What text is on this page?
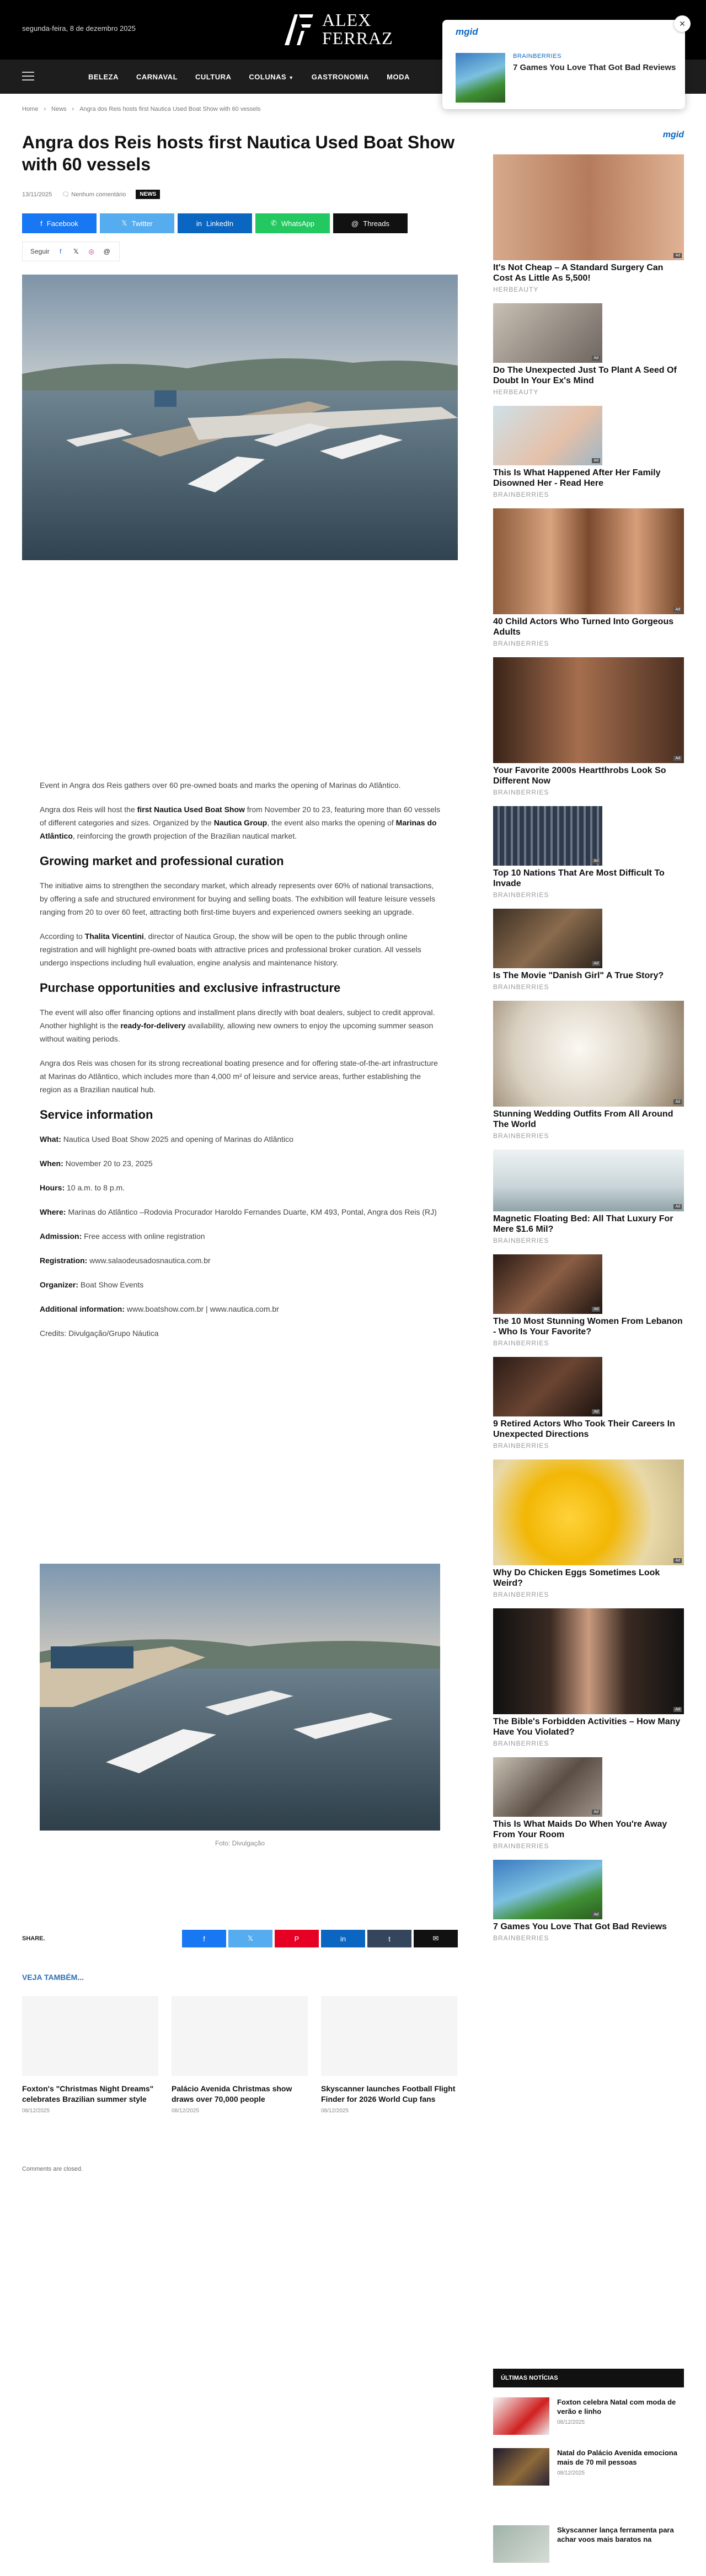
segunda-feira, 8 de dezembro 2025	ALEX
FERRAZ
BELEZA CARNAVAL CULTURA COLUNAS ▼ GASTRONOMIA MODA
mgid
✕
BRAINBERRIES
7 Games You Love That Got Bad Reviews
Home › News › Angra dos Reis hosts first Nautica Used Boat Show with 60 vessels
Angra dos Reis hosts first Nautica Used Boat Show with 60 vessels
13/11/2025 🗨 Nenhum comentário	NEWS
f Facebook	𝕏 Twitter	in LinkedIn	✆ WhatsApp	@ Threads
Seguir	f	𝕏 ◎ @

Event in Angra dos Reis gathers over 60 pre-owned boats and marks the opening of Marinas do Atlântico.

Angra dos Reis will host the first Nautica Used Boat Show from November 20 to 23, featuring more than 60 vessels of different categories and sizes. Organized by the Nautica Group, the event also marks the opening of Marinas do Atlântico, reinforcing the growth projection of the Brazilian nautical market.

Growing market and professional curation

The initiative aims to strengthen the secondary market, which already represents over 60% of national transactions, by offering a safe and structured environment for buying and selling boats. The exhibition will feature leisure vessels ranging from 20 to over 60 feet, attracting both first-time buyers and experienced owners seeking an upgrade.

According to Thalita Vicentini, director of Nautica Group, the show will be open to the public through online registration and will highlight pre-owned boats with attractive prices and professional broker curation. All vessels undergo inspections including hull evaluation, engine analysis and maintenance history.

Purchase opportunities and exclusive infrastructure

The event will also offer financing options and installment plans directly with boat dealers, subject to credit approval. Another highlight is the ready-for-delivery availability, allowing new owners to enjoy the upcoming summer season without waiting periods.

Angra dos Reis was chosen for its strong recreational boating presence and for offering state-of-the-art infrastructure at Marinas do Atlântico, which includes more than 4,000 m² of leisure and service areas, further establishing the region as a Brazilian nautical hub.

Service information

What: Nautica Used Boat Show 2025 and opening of Marinas do Atlântico

When: November 20 to 23, 2025

Hours: 10 a.m. to 8 p.m.

Where: Marinas do Atlântico –Rodovia Procurador Haroldo Fernandes Duarte, KM 493, Pontal, Angra dos Reis (RJ)

Admission: Free access with online registration

Registration: www.salaodeusadosnautica.com.br

Organizer: Boat Show Events

Additional information: www.boatshow.com.br | www.nautica.com.br

Credits: Divulgação/Grupo Náutica

Foto: Divulgação
SHARE.	f	𝕏	P	in	t	✉
VEJA TAMBÉM...
Foxton's "Christmas Night Dreams" celebrates Brazilian summer style
08/12/2025
Palácio Avenida Christmas show draws over 70,000 people
08/12/2025
Skyscanner launches Football Flight Finder for 2026 World Cup fans
08/12/2025
Comments are closed.
mgid
Ad
It's Not Cheap – A Standard Surgery Can Cost As Little As 5,500!
HERBEAUTY
Ad
Do The Unexpected Just To Plant A Seed Of Doubt In Your Ex's Mind
HERBEAUTY
Ad
This Is What Happened After Her Family Disowned Her - Read Here
BRAINBERRIES
Ad
40 Child Actors Who Turned Into Gorgeous Adults
BRAINBERRIES
Ad
Your Favorite 2000s Heartthrobs Look So Different Now
BRAINBERRIES
Ad
Top 10 Nations That Are Most Difficult To Invade
BRAINBERRIES
Ad
Is The Movie "Danish Girl" A True Story?
BRAINBERRIES
Ad
Stunning Wedding Outfits From All Around The World
BRAINBERRIES
Ad
Magnetic Floating Bed: All That Luxury For Mere $1.6 Mil?
BRAINBERRIES
Ad
The 10 Most Stunning Women From Lebanon - Who Is Your Favorite?
BRAINBERRIES
Ad
9 Retired Actors Who Took Their Careers In Unexpected Directions
BRAINBERRIES
Ad
Why Do Chicken Eggs Sometimes Look Weird?
BRAINBERRIES
Ad
The Bible's Forbidden Activities – How Many Have You Violated?
BRAINBERRIES
Ad
This Is What Maids Do When You're Away From Your Room
BRAINBERRIES
Ad
7 Games You Love That Got Bad Reviews
BRAINBERRIES
ÚLTIMAS NOTÍCIAS
Foxton celebra Natal com moda de verão e linho
08/12/2025
Natal do Palácio Avenida emociona mais de 70 mil pessoas
08/12/2025
Skyscanner lança ferramenta para achar voos mais baratos na
